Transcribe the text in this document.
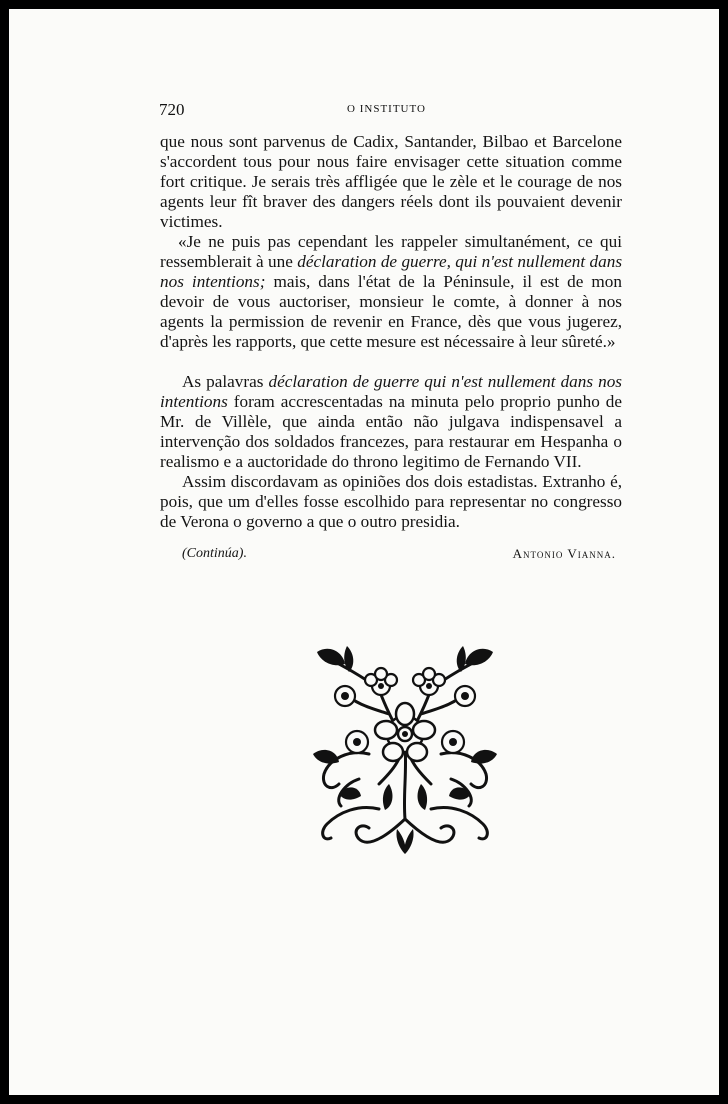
720	O INSTITUTO

que nous sont parvenus de Cadix, Santander, Bilbao et Barcelone s'accordent tous pour nous faire envisager cette situation comme fort critique. Je serais très affligée que le zèle et le courage de nos agents leur fît braver des dangers réels dont ils pouvaient devenir victimes.

«Je ne puis pas cependant les rappeler simultanément, ce qui ressemblerait à une déclaration de guerre, qui n'est nullement dans nos intentions; mais, dans l'état de la Péninsule, il est de mon devoir de vous auctoriser, monsieur le comte, à donner à nos agents la permission de revenir en France, dès que vous jugerez, d'après les rapports, que cette mesure est nécessaire à leur sûreté.»

As palavras déclaration de guerre qui n'est nullement dans nos intentions foram accrescentadas na minuta pelo proprio punho de Mr. de Villèle, que ainda então não julgava indispensavel a intervenção dos soldados francezes, para restaurar em Hespanha o realismo e a auctoridade do throno legitimo de Fernando VII.

Assim discordavam as opiniões dos dois estadistas. Extranho é, pois, que um d'elles fosse escolhido para representar no congresso de Verona o governo a que o outro presidia.

(Continúa).	Antonio Vianna.
